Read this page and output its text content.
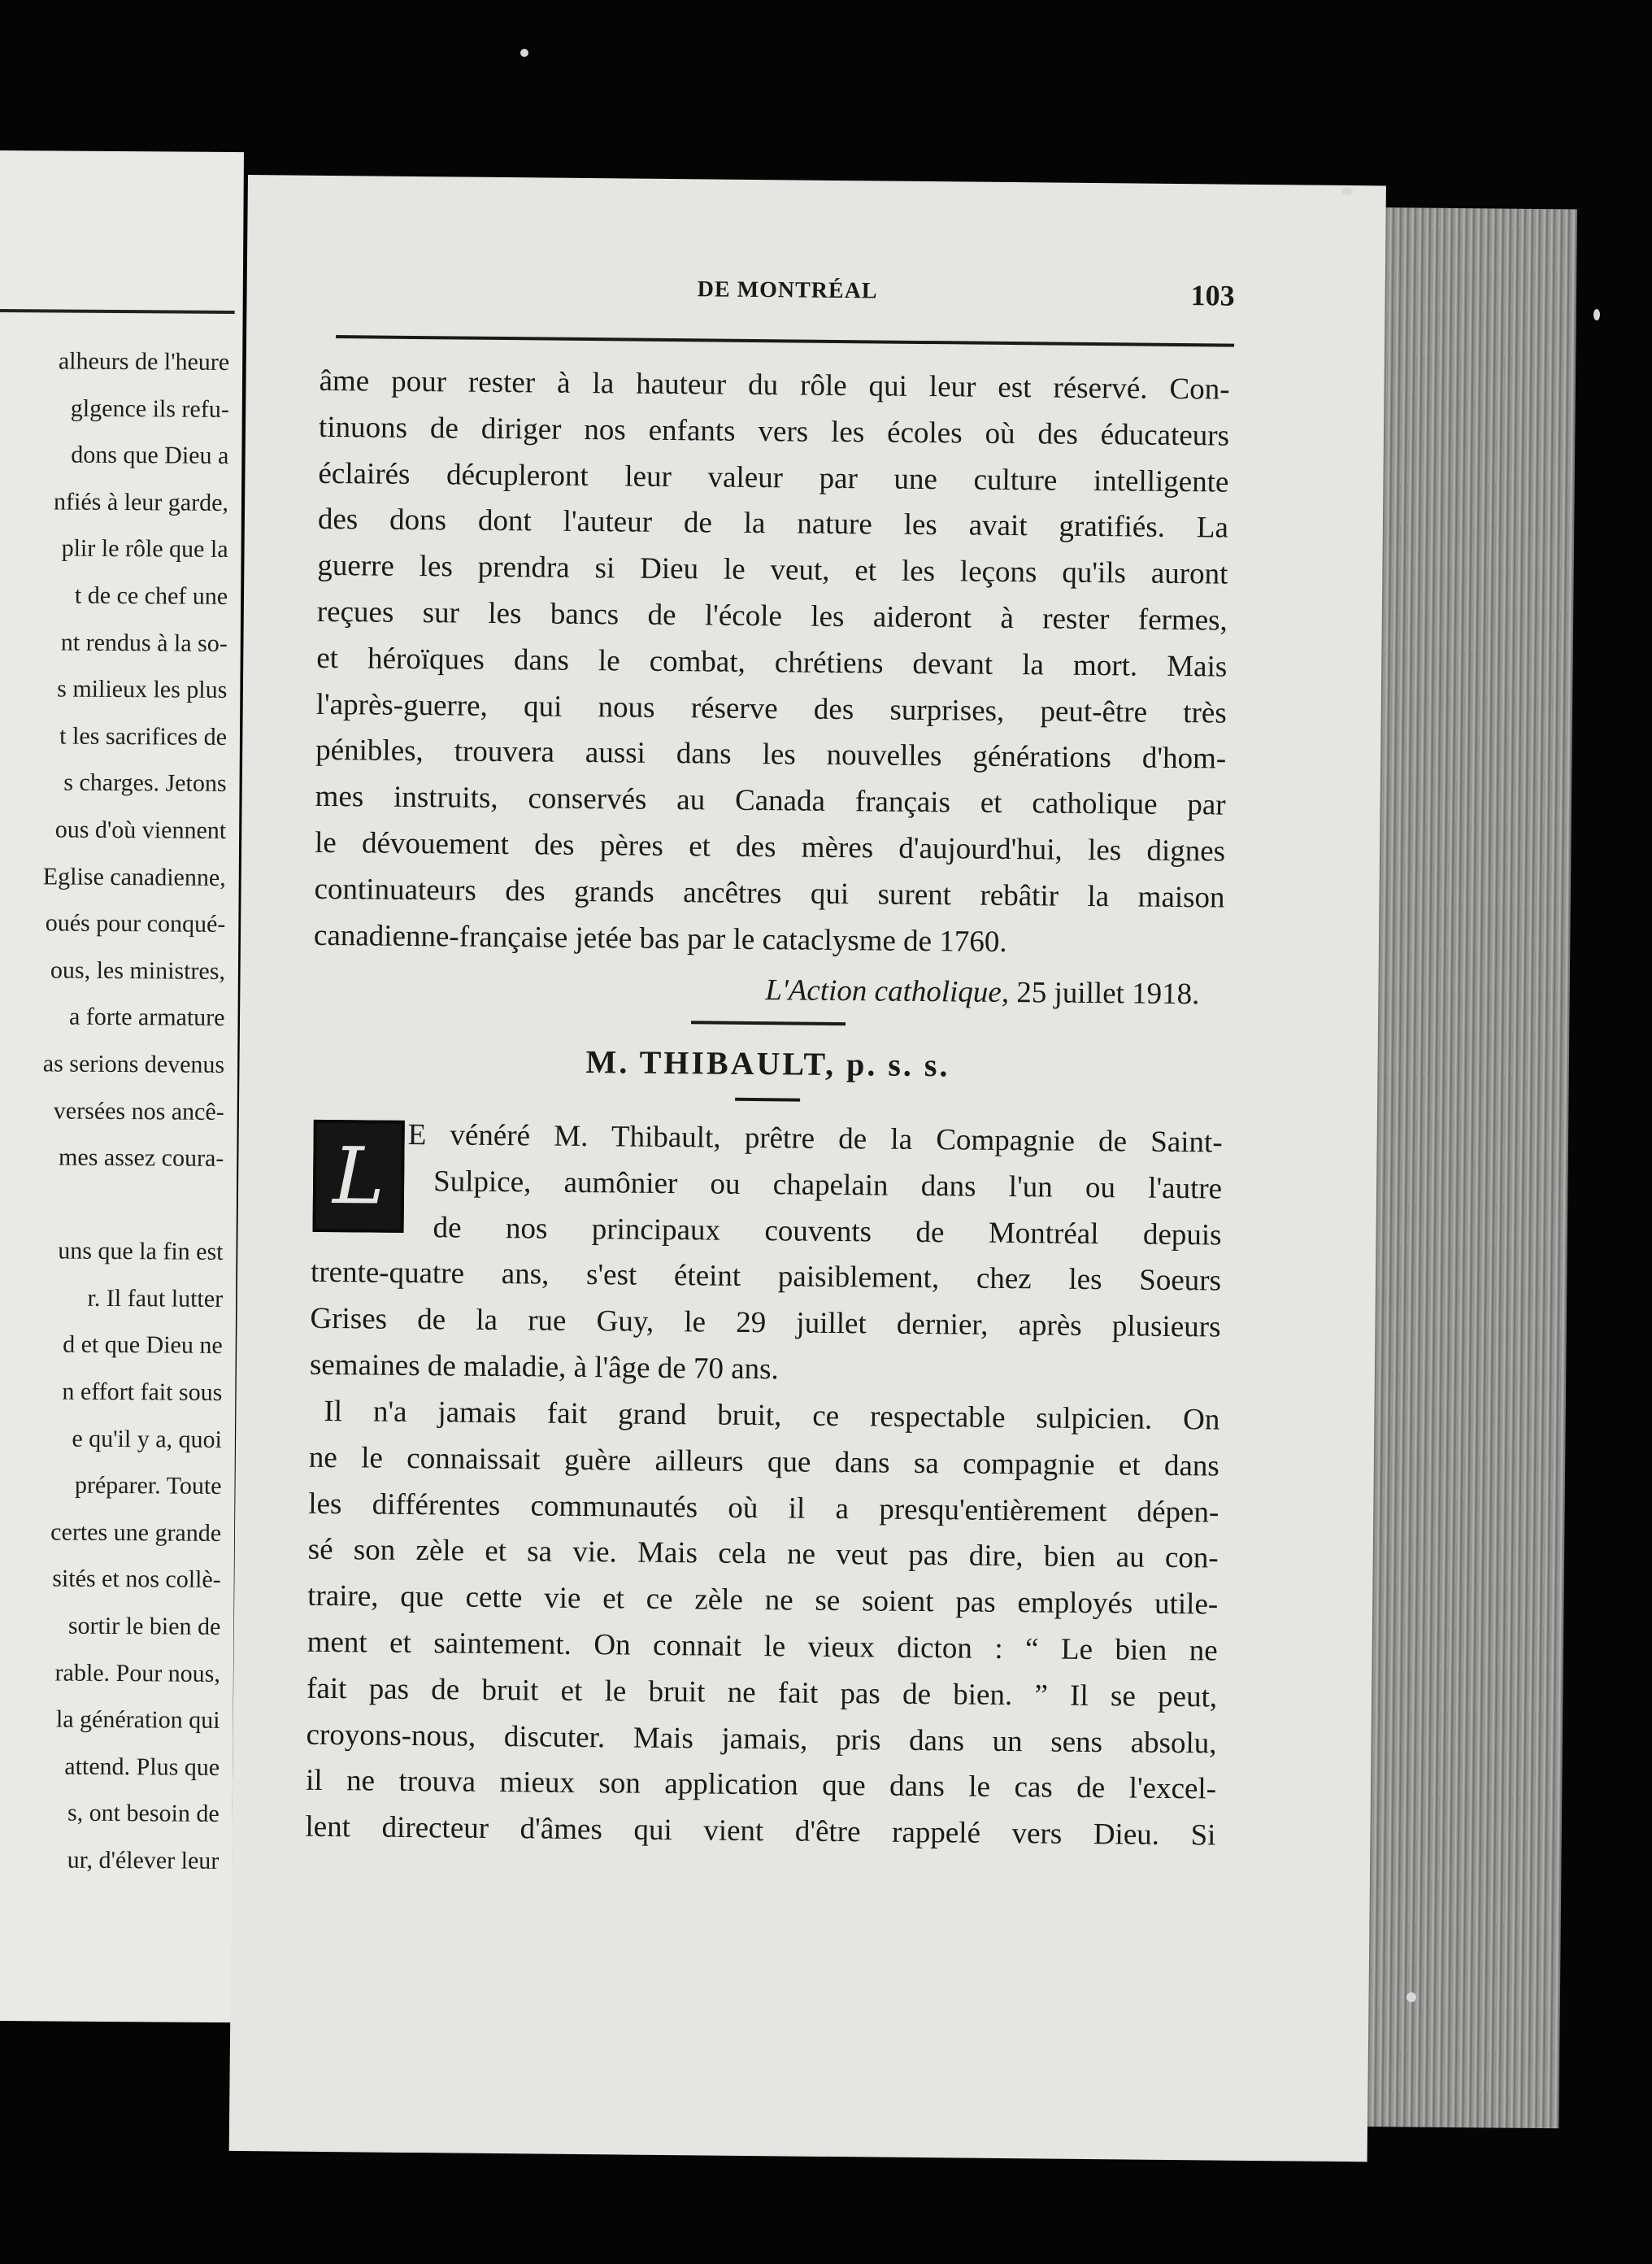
alheurs de l'heure
glgence ils refu-
dons que Dieu a
nfiés à leur garde,
plir le rôle que la
t de ce chef une
nt rendus à la so-
s milieux les plus
t les sacrifices de
s charges. Jetons
ous d'où viennent
Eglise canadienne,
oués pour conqué-
ous, les ministres,
a forte armature
as serions devenus
versées nos ancê-
mes assez coura-
uns que la fin est
r. Il faut lutter
d et que Dieu ne
n effort fait sous
e qu'il y a, quoi
préparer. Toute
certes une grande
sités et nos collè-
sortir le bien de
rable. Pour nous,
la génération qui
attend. Plus que
s, ont besoin de
ur, d'élever leur
DE MONTRÉAL	103
âme pour rester à la hauteur du rôle qui leur est réservé. Con-
tinuons de diriger nos enfants vers les écoles où des éducateurs
éclairés décupleront leur valeur par une culture intelligente
des dons dont l'auteur de la nature les avait gratifiés. La
guerre les prendra si Dieu le veut, et les leçons qu'ils auront
reçues sur les bancs de l'école les aideront à rester fermes,
et héroïques dans le combat, chrétiens devant la mort. Mais
l'après-guerre, qui nous réserve des surprises, peut-être très
pénibles, trouvera aussi dans les nouvelles générations d'hom-
mes instruits, conservés au Canada français et catholique par
le dévouement des pères et des mères d'aujourd'hui, les dignes
continuateurs des grands ancêtres qui surent rebâtir la maison
canadienne-française jetée bas par le cataclysme de 1760.
L'Action catholique, 25 juillet 1918.
M. THIBAULT, p. s. s.
L E vénéré M. Thibault, prêtre de la Compagnie de Saint-
Sulpice, aumônier ou chapelain dans l'un ou l'autre
de nos principaux couvents de Montréal depuis
trente-quatre ans, s'est éteint paisiblement, chez les Soeurs
Grises de la rue Guy, le 29 juillet dernier, après plusieurs
semaines de maladie, à l'âge de 70 ans.
Il n'a jamais fait grand bruit, ce respectable sulpicien. On
ne le connaissait guère ailleurs que dans sa compagnie et dans
les différentes communautés où il a presqu'entièrement dépen-
sé son zèle et sa vie. Mais cela ne veut pas dire, bien au con-
traire, que cette vie et ce zèle ne se soient pas employés utile-
ment et saintement. On connait le vieux dicton : “ Le bien ne
fait pas de bruit et le bruit ne fait pas de bien. ” Il se peut,
croyons-nous, discuter. Mais jamais, pris dans un sens absolu,
il ne trouva mieux son application que dans le cas de l'excel-
lent directeur d'âmes qui vient d'être rappelé vers Dieu. Si
